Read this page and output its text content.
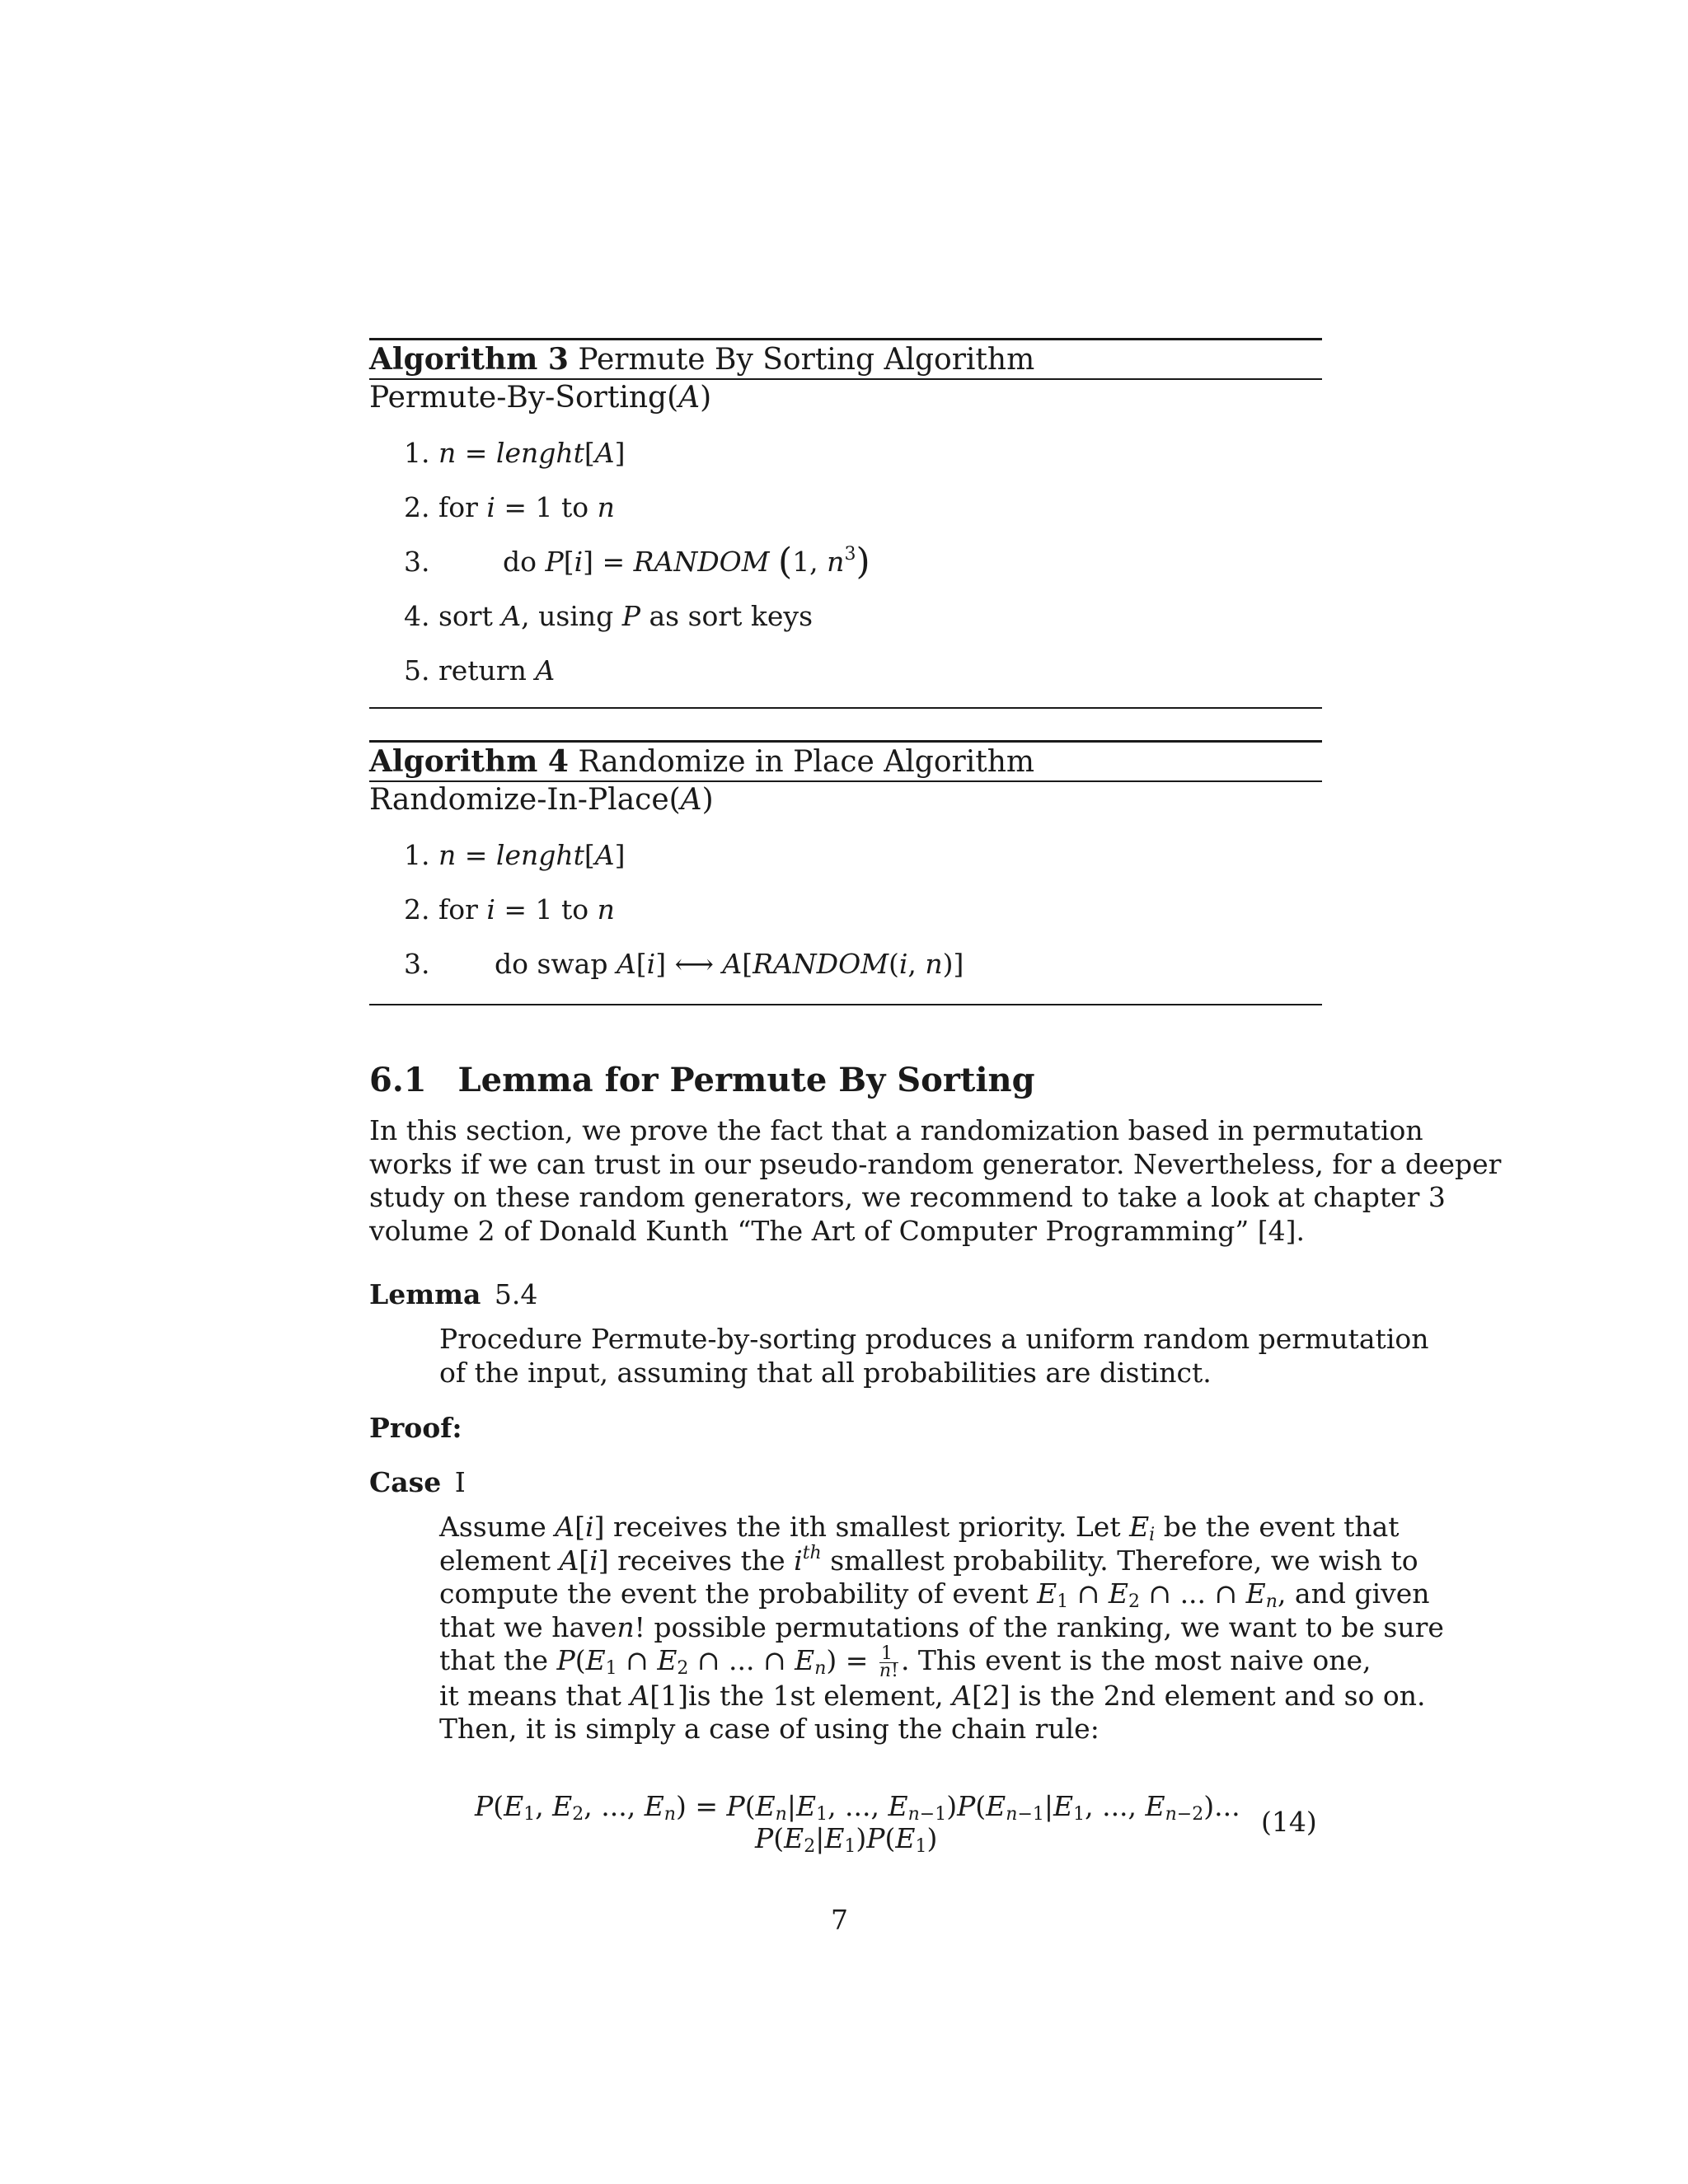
Algorithm 3 Permute By Sorting Algorithm
Permute-By-Sorting(A)
1. n = lenght[A]
2. for i = 1 to n
3.	do P[i] = RANDOM (1, $n^3$)
4. sort A, using P as sort keys
5. return A
Algorithm 4 Randomize in Place Algorithm
Randomize-In-Place(A)
1. n = lenght[A]
2. for i = 1 to n
3. do swap A[i] ⟷ A[RANDOM(i, n)]
6.1 Lemma for Permute By Sorting
In this section, we prove the fact that a randomization based in permutation
works if we can trust in our pseudo-random generator. Nevertheless, for a deeper
study on these random generators, we recommend to take a look at chapter 3
volume 2 of Donald Kunth “The Art of Computer Programming” [4].
Lemma 5.4
Procedure Permute-by-sorting produces a uniform random permutation
of the input, assuming that all probabilities are distinct.
Proof:
Case I
Assume A[i] receives the ith smallest priority. Let $E_i$ be the event that
element A[i] receives the $i^{th}$ smallest probability. Therefore, we wish to
compute the event the probability of event $E_1$ ∩ $E_2$ ∩ ... ∩ $E_n$, and given
that we haven! possible permutations of the ranking, we want to be sure
that the $P(E_1$ ∩ $E_2$ ∩ ... ∩ $E_n) = \frac{1}{n!}$ . This event is the most naive one,
it means that A[1]is the 1st element, A[2] is the 2nd element and so on.
Then, it is simply a case of using the chain rule:
$P(E_1$, $E_2$, ..., $E_n) = P(E_n|E_1$, ..., $E_{n-1})P(E_{n-1}|E_1$, ..., $E_{n-2}$)...
$P(E_2|E_1)P(E_1)$
(14)
7
